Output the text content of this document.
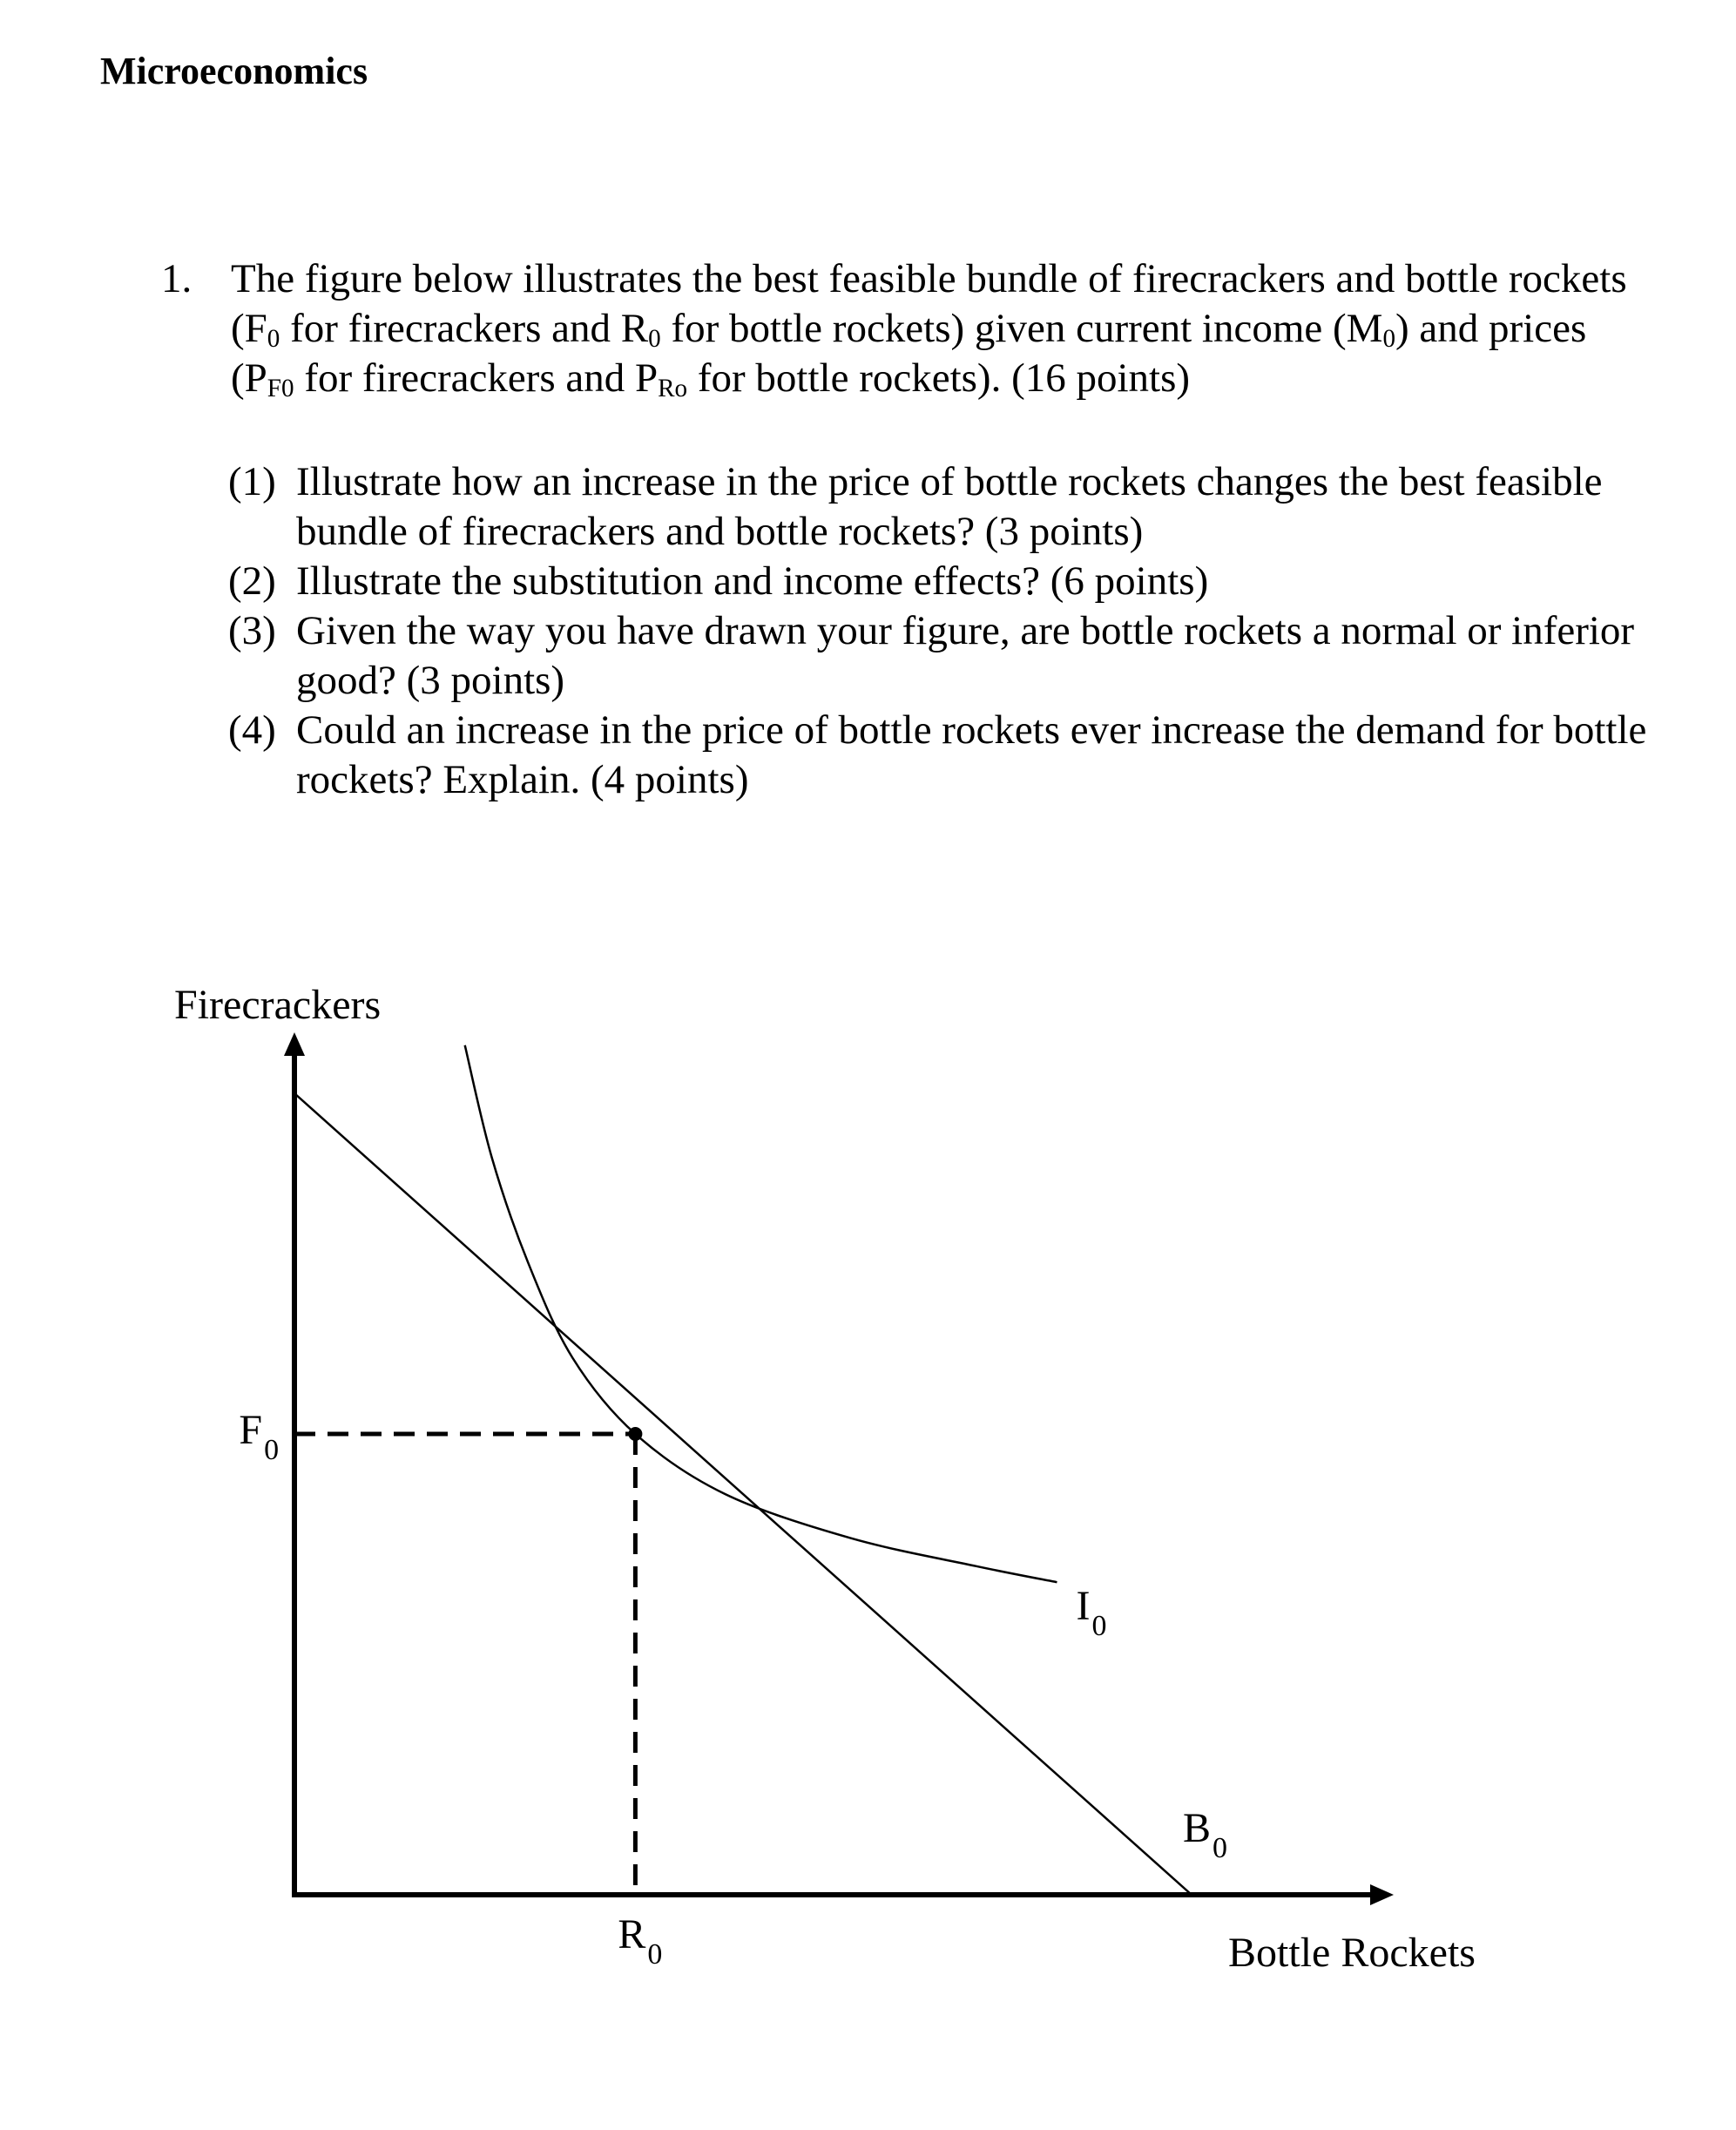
Microeconomics
1. The figure below illustrates the best feasible bundle of firecrackers and bottle rockets ($F_0$ for firecrackers and $R_0$ for bottle rockets) given current income $(M_0)$ and prices ($P_{F0}$ for firecrackers and $P_{Ro}$ for bottle rockets). (16 points)
(1) Illustrate how an increase in the price of bottle rockets changes the best feasible bundle of firecrackers and bottle rockets? (3 points)
(2) Illustrate the substitution and income effects? (6 points)
(3) Given the way you have drawn your figure, are bottle rockets a normal or inferior good? (3 points)
(4) Could an increase in the price of bottle rockets ever increase the demand for bottle rockets? Explain. (4 points)
Firecrackers
Bottle Rockets
$F_0$
$R_0$
$B_0$
$I_0$
